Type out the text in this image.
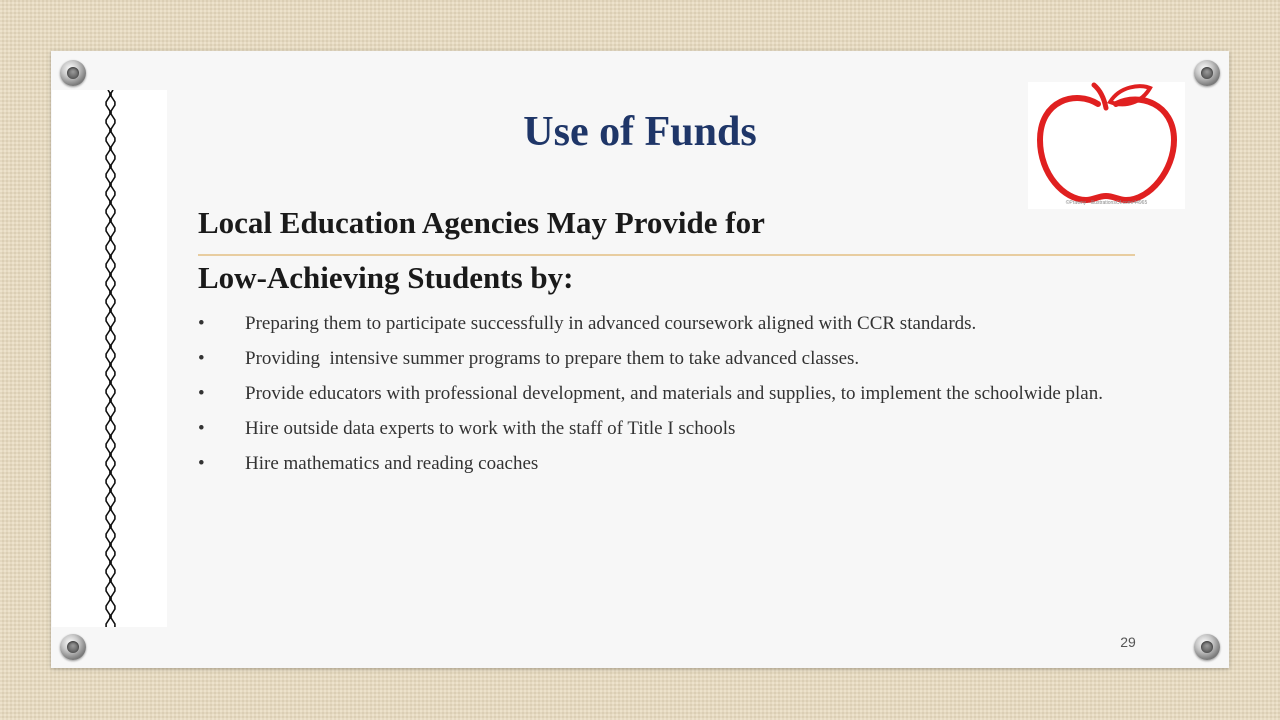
Use of Funds
©Prawny · IllustrationsOf.com/44965
Local Education Agencies May Provide for
Low-Achieving Students by:
• Preparing them to participate successfully in advanced coursework aligned with CCR standards.
• Providing  intensive summer programs to prepare them to take advanced classes.
• Provide educators with professional development, and materials and supplies, to implement the schoolwide plan.
• Hire outside data experts to work with the staff of Title I schools
• Hire mathematics and reading coaches
29
